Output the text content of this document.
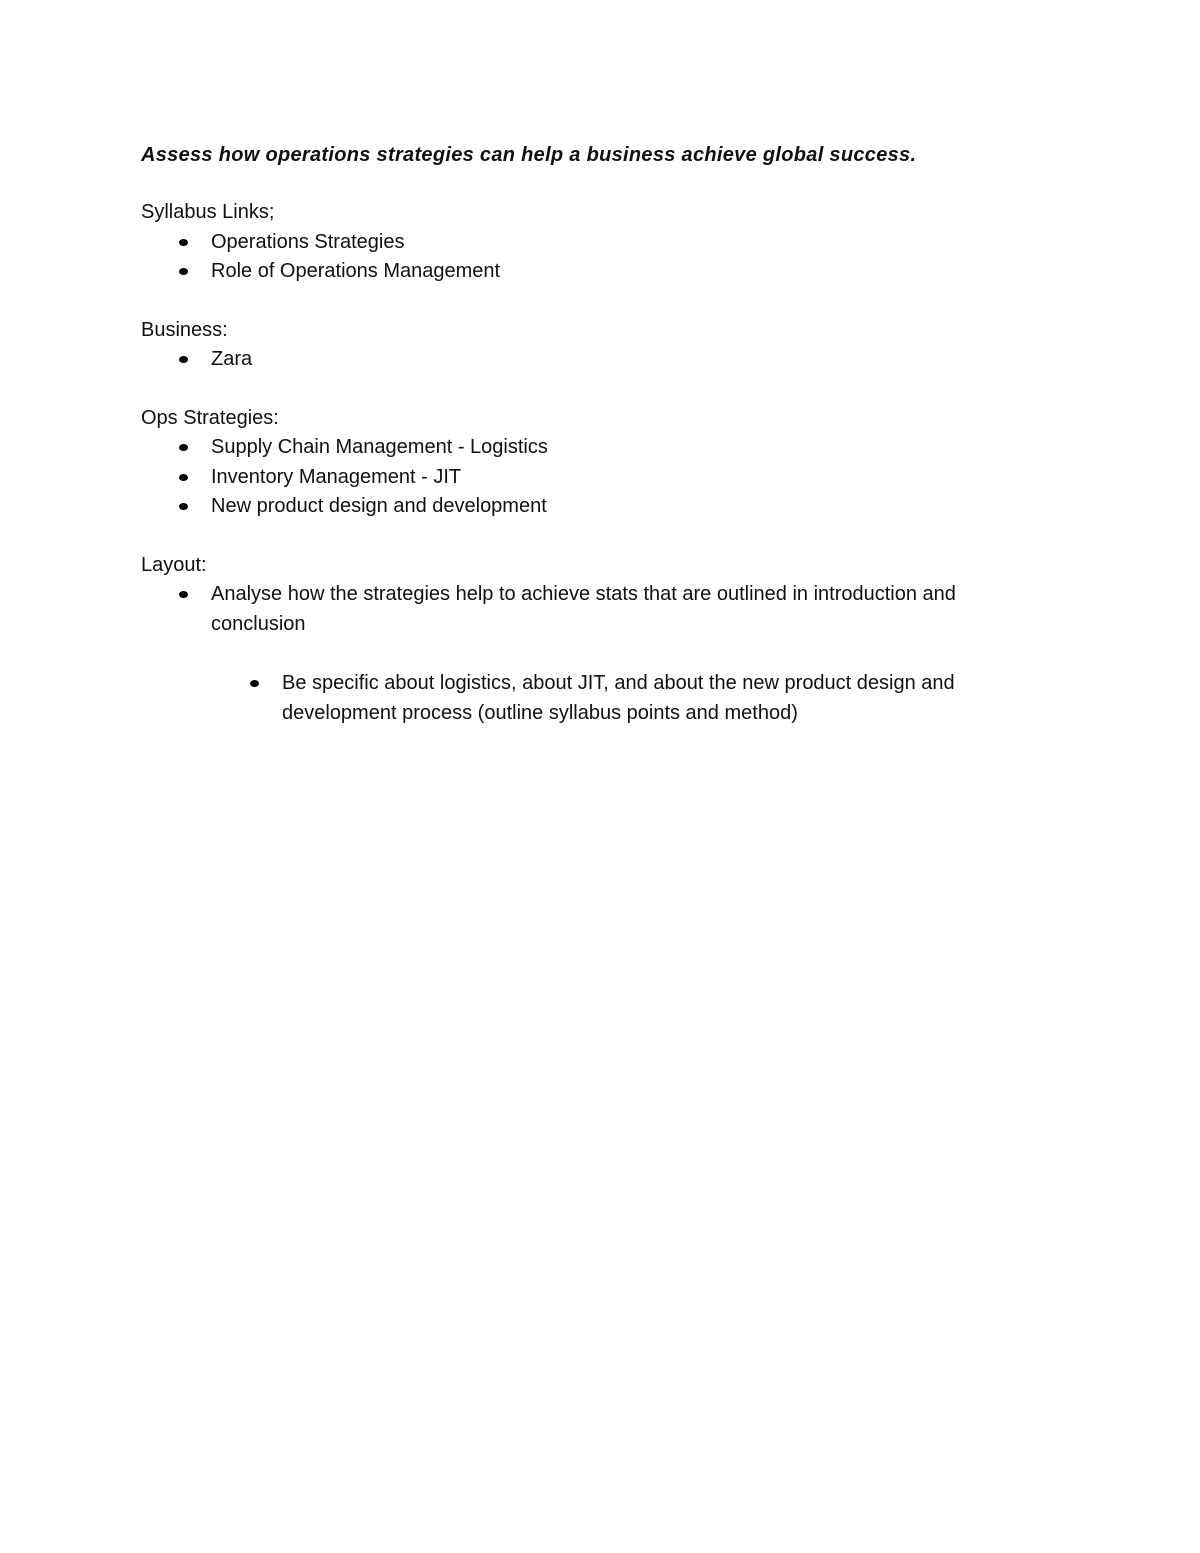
Assess how operations strategies can help a business achieve global success.
Syllabus Links;
Operations Strategies
Role of Operations Management
Business:
Zara
Ops Strategies:
Supply Chain Management - Logistics
Inventory Management - JIT
New product design and development
Layout:
Analyse how the strategies help to achieve stats that are outlined in introduction and conclusion
Be specific about logistics, about JIT, and about the new product design and development process (outline syllabus points and method)
